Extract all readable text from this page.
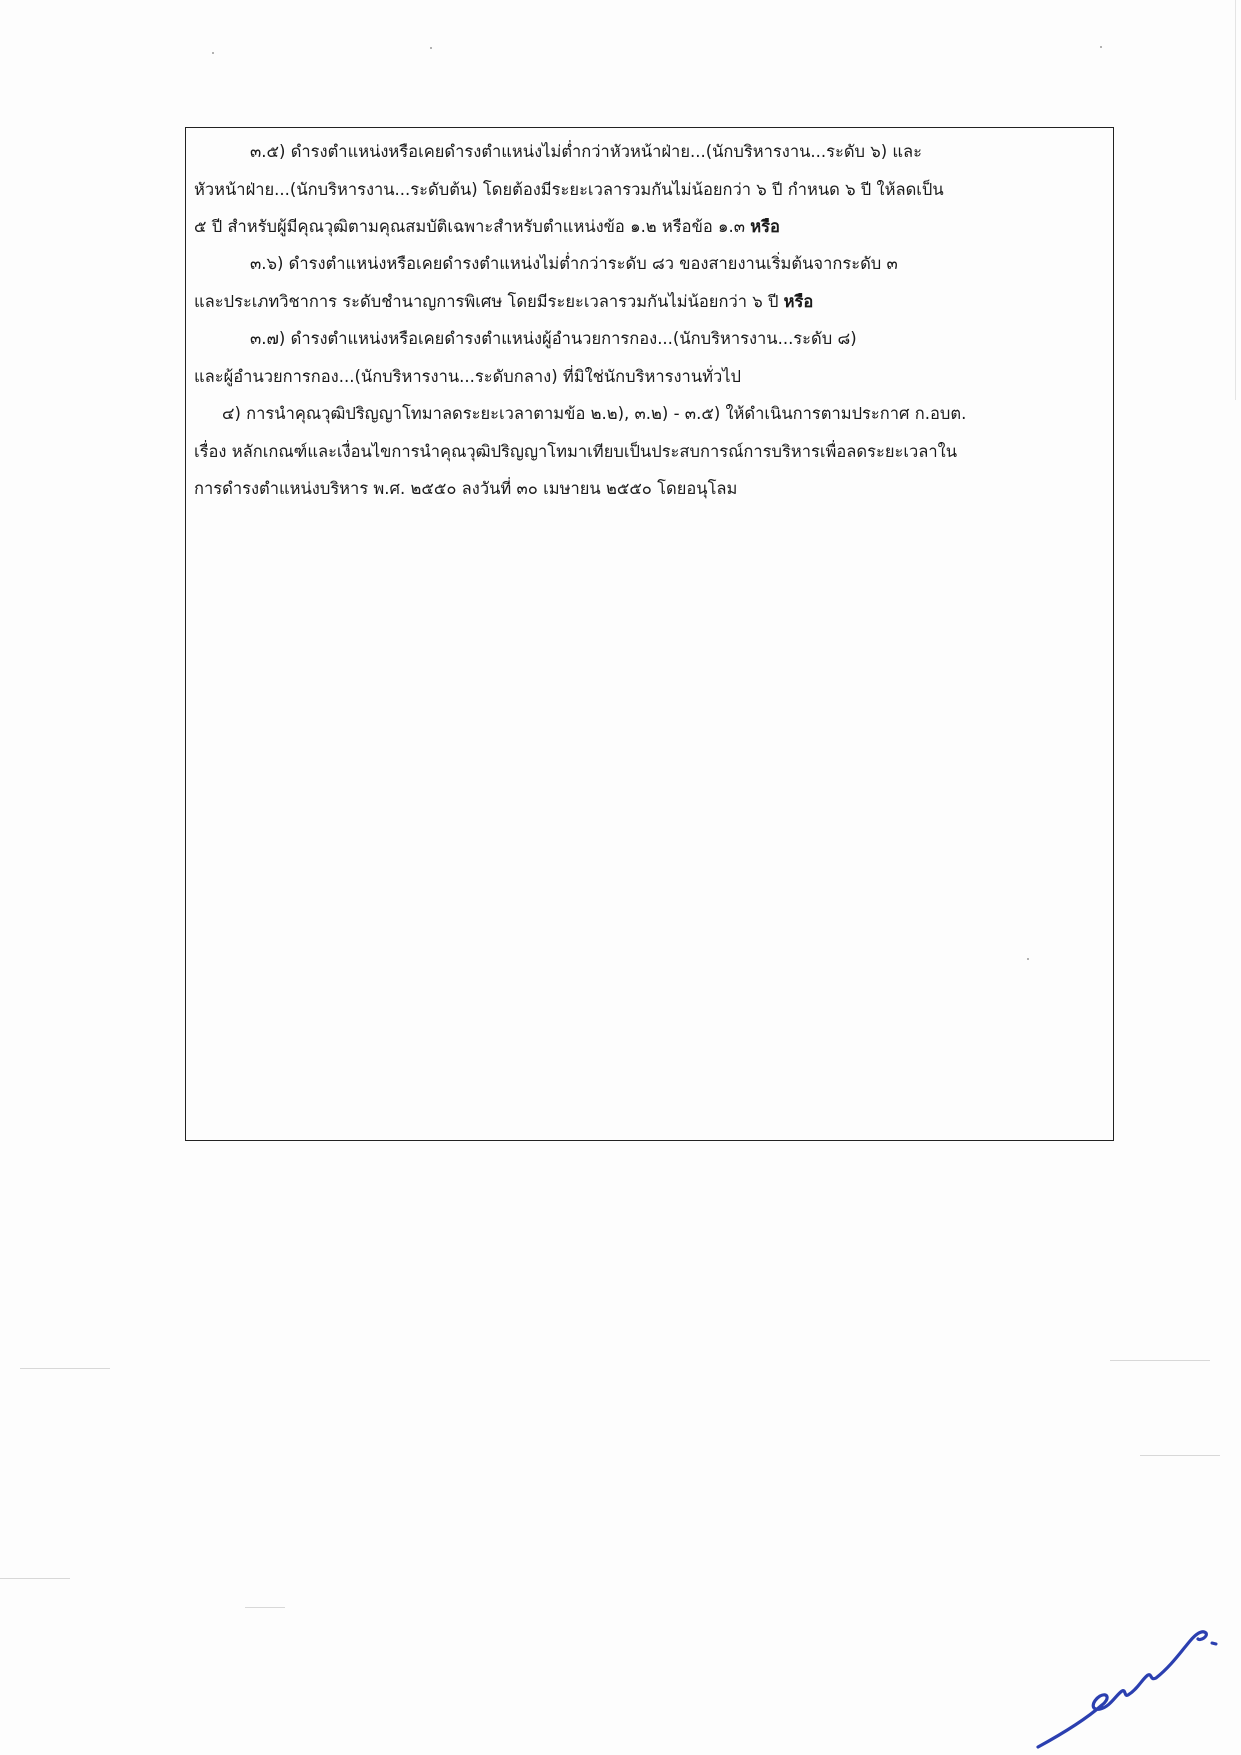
๓.๕) ดำรงตำแหน่งหรือเคยดำรงตำแหน่งไม่ต่ำกว่าหัวหน้าฝ่าย...(นักบริหารงาน...ระดับ ๖) และ
หัวหน้าฝ่าย...(นักบริหารงาน...ระดับต้น) โดยต้องมีระยะเวลารวมกันไม่น้อยกว่า ๖ ปี กำหนด ๖ ปี ให้ลดเป็น
๕ ปี สำหรับผู้มีคุณวุฒิตามคุณสมบัติเฉพาะสำหรับตำแหน่งข้อ ๑.๒ หรือข้อ ๑.๓ หรือ
๓.๖) ดำรงตำแหน่งหรือเคยดำรงตำแหน่งไม่ต่ำกว่าระดับ ๘ว ของสายงานเริ่มต้นจากระดับ ๓
และประเภทวิชาการ ระดับชำนาญการพิเศษ โดยมีระยะเวลารวมกันไม่น้อยกว่า ๖ ปี หรือ
๓.๗) ดำรงตำแหน่งหรือเคยดำรงตำแหน่งผู้อำนวยการกอง...(นักบริหารงาน...ระดับ ๘)
และผู้อำนวยการกอง...(นักบริหารงาน...ระดับกลาง) ที่มิใช่นักบริหารงานทั่วไป
๔) การนำคุณวุฒิปริญญาโทมาลดระยะเวลาตามข้อ ๒.๒), ๓.๒) - ๓.๕) ให้ดำเนินการตามประกาศ ก.อบต.
เรื่อง หลักเกณฑ์และเงื่อนไขการนำคุณวุฒิปริญญาโทมาเทียบเป็นประสบการณ์การบริหารเพื่อลดระยะเวลาใน
การดำรงตำแหน่งบริหาร พ.ศ. ๒๕๕๐ ลงวันที่ ๓๐ เมษายน ๒๕๕๐ โดยอนุโลม
